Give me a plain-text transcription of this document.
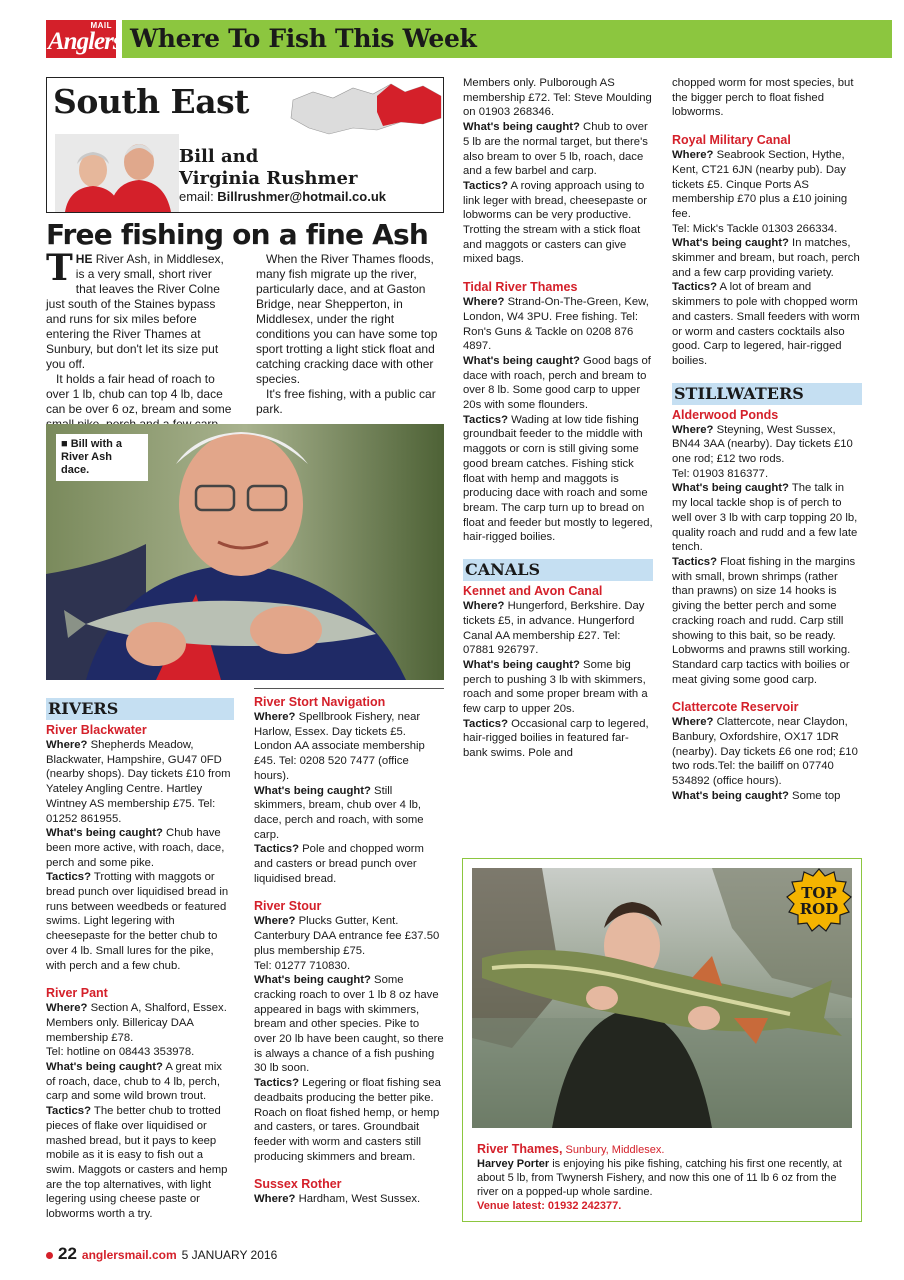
MAIL
Anglers Where To Fish This Week
South East
Bill and
Virginia Rushmer
email: Billrushmer@hotmail.co.uk
Free fishing on a fine Ash

THE River Ash, in Middlesex, is a very small, short river that leaves the River Colne just south of the Staines bypass and runs for six miles before entering the River Thames at Sunbury, but don't let its size put you off.

It holds a fair head of roach to over 1 lb, chub can top 4 lb, dace can be over 6 oz, bream and some

When the River Thames floods, many fish migrate up the river, particularly dace, and at Gaston Bridge, near Shepperton, in Middlesex, under the right conditions you can have some top sport trotting a light stick float and catching cracking dace with other species.

It's free fishing, with a public car park.

■ Bill with a River Ash dace.
RIVERS
River Blackwater

Where? Shepherds Meadow, Blackwater, Hampshire, GU47 0FD (nearby shops). Day tickets £10 from Yateley Angling Centre. Hartley Wintney AS membership £75. Tel: 01252 861955.

What's being caught? Chub have been more active, with roach, dace, perch and some pike.

Tactics? Trotting with maggots or bread punch over liquidised bread in runs between weedbeds or featured swims. Light legering with cheesepaste for the better chub to over 4 lb. Small lures for the pike, with perch and a few chub.

River Pant

Where? Section A, Shalford, Essex. Members only. Billericay DAA membership £78.

Tel: hotline on 08443 353978.

What's being caught? A great mix of roach, dace, chub to 4 lb, perch, carp and some wild brown trout.

Tactics? The better chub to trotted pieces of flake over liquidised or mashed bread, but it pays to keep mobile as it is easy to fish out a swim. Maggots or casters and hemp are the top alternatives, with light legering using cheese paste or lobworms worth a try.

River Stort Navigation

Where? Spellbrook Fishery, near Harlow, Essex. Day tickets £5. London AA associate membership £45. Tel: 0208 520 7477 (office hours).

What's being caught? Still skimmers, bream, chub over 4 lb, dace, perch and roach, with some carp.

Tactics? Pole and chopped worm and casters or bread punch over liquidised bread.

River Stour

Where? Plucks Gutter, Kent. Canterbury DAA entrance fee £37.50 plus membership £75.

Tel: 01277 710830.

What's being caught? Some cracking roach to over 1 lb 8 oz have appeared in bags with skimmers, bream and other species. Pike to over 20 lb have been caught, so there is always a chance of a fish pushing 30 lb soon.

Tactics? Legering or float fishing sea deadbaits producing the better pike. Roach on float fished hemp, or hemp and casters, or tares. Groundbait feeder with worm and casters still producing skimmers and bream.

Sussex Rother

Where? Hardham, West Sussex.

Members only. Pulborough AS membership £72. Tel: Steve Moulding on 01903 268346.

What's being caught? Chub to over 5 lb are the normal target, but there's also bream to over 5 lb, roach, dace and a few barbel and carp.

Tactics? A roving approach using to link leger with bread, cheesepaste or lobworms can be very productive. Trotting the stream with a stick float and maggots or casters can give mixed bags.

Tidal River Thames

Where? Strand-On-The-Green, Kew, London, W4 3PU. Free fishing. Tel: Ron's Guns & Tackle on 0208 876 4897.

What's being caught? Good bags of dace with roach, perch and bream to over 8 lb. Some good carp to upper 20s with some flounders.

Tactics? Wading at low tide fishing groundbait feeder to the middle with maggots or corn is still giving some good bream catches. Fishing stick float with hemp and maggots is producing dace with roach and some bream. The carp turn up to bread on float and feeder but mostly to legered, hair-rigged boilies.

CANALS
Kennet and Avon Canal

Where? Hungerford, Berkshire. Day tickets £5, in advance. Hungerford Canal AA membership £27. Tel: 07881 926797.

What's being caught? Some big perch to pushing 3 lb with skimmers, roach and some proper bream with a few carp to upper 20s.

Tactics? Occasional carp to legered, hair-rigged boilies in featured far-bank swims. Pole and

chopped worm for most species, but the bigger perch to float fished lobworms.

Royal Military Canal

Where? Seabrook Section, Hythe, Kent, CT21 6JN (nearby pub). Day tickets £5. Cinque Ports AS membership £70 plus a £10 joining fee.

Tel: Mick's Tackle 01303 266334.

What's being caught? In matches, skimmer and bream, but roach, perch and a few carp providing variety.

Tactics? A lot of bream and skimmers to pole with chopped worm and casters. Small feeders with worm or worm and casters cocktails also good. Carp to legered, hair-rigged boilies.

STILLWATERS
Alderwood Ponds

Where? Steyning, West Sussex, BN44 3AA (nearby). Day tickets £10 one rod; £12 two rods.

Tel: 01903 816377.

What's being caught? The talk in my local tackle shop is of perch to well over 3 lb with carp topping 20 lb, quality roach and rudd and a few late tench.

Tactics? Float fishing in the margins with small, brown shrimps (rather than prawns) on size 14 hooks is giving the better perch and some cracking roach and rudd. Carp still showing to this bait, so be ready. Lobworms and prawns still working. Standard carp tactics with boilies or meat giving some good carp.

Clattercote Reservoir

Where? Clattercote, near Claydon, Banbury, Oxfordshire, OX17 1DR (nearby). Day tickets £6 one rod; £10 two rods.Tel: the bailiff on 07740 534892 (office hours).

What's being caught? Some top

TOP
ROD
River Thames, Sunbury, Middlesex.
Harvey Porter is enjoying his pike fishing, catching his first one recently, at about 5 lb, from Twynersh Fishery, and now this one of 11 lb 6 oz from the river on a popped-up whole sardine.
Venue latest: 01932 242377.
22 anglersmail.com 5 JANUARY 2016
